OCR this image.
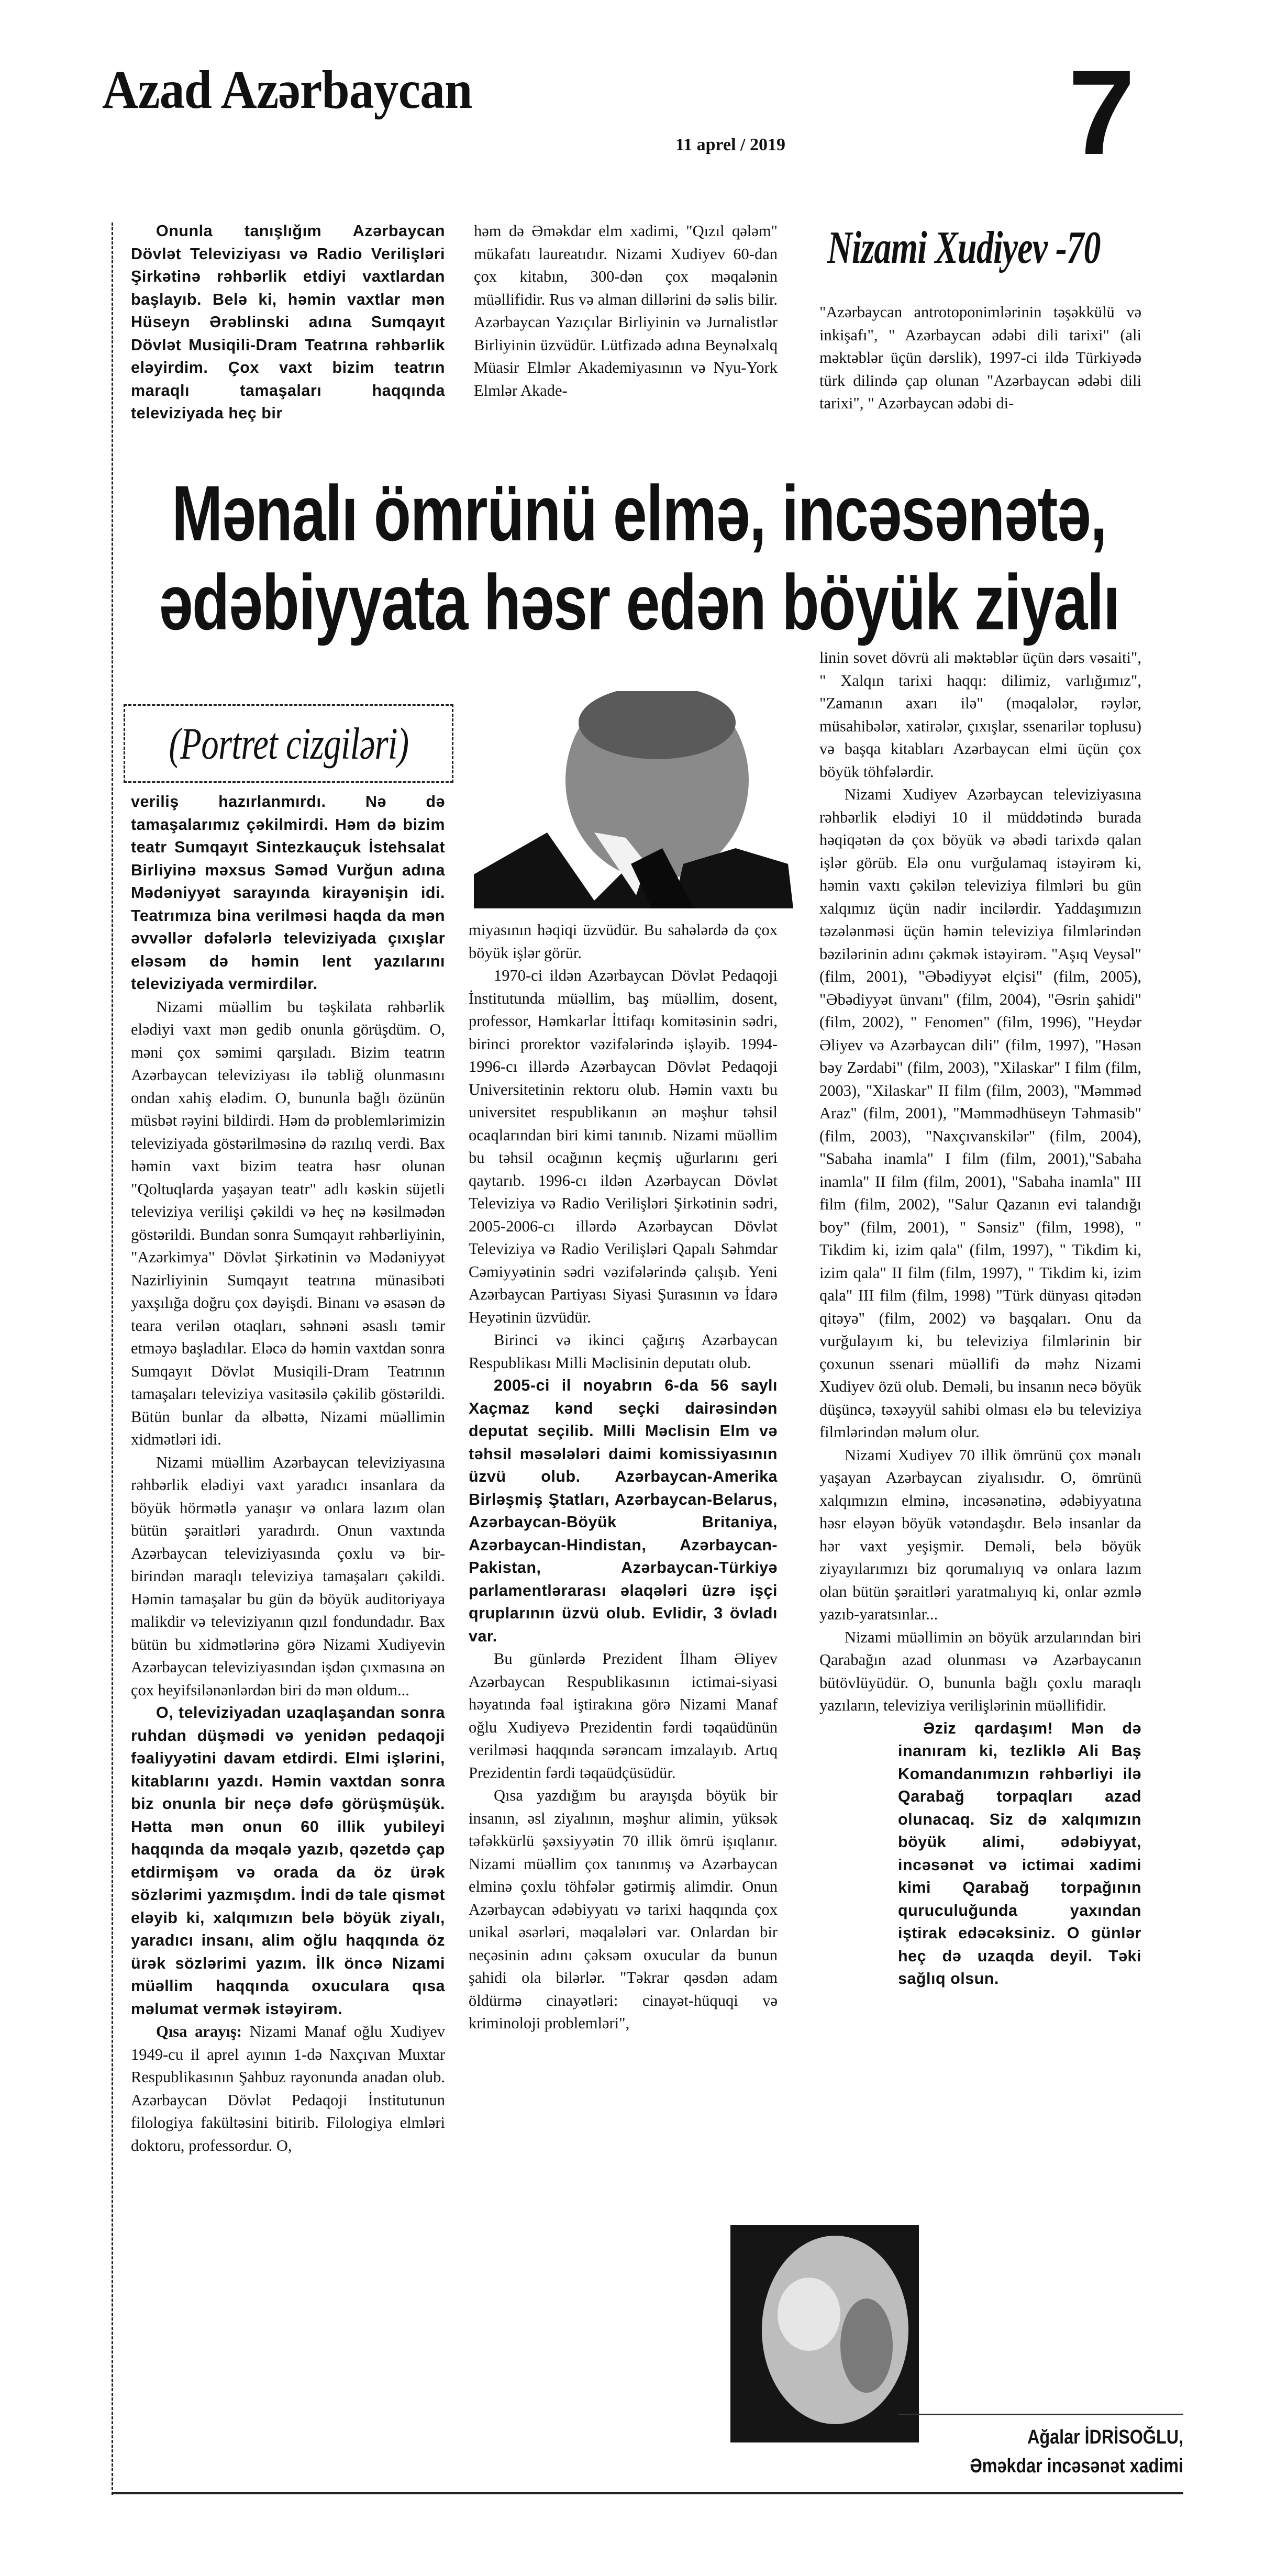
Azad Azərbaycan
11 aprel / 2019 7

Onunla tanışlığım Azərbaycan Dövlət Televiziyası və Radio Verilişləri Şirkətinə rəhbərlik etdiyi vaxtlardan başlayıb. Belə ki, həmin vaxtlar mən Hüseyn Ərəblinski adına Sumqayıt Dövlət Musiqili-Dram Teatrına rəhbərlik eləyirdim. Çox vaxt bizim teatrın maraqlı tamaşaları haqqında televiziyada heç bir

həm də Əməkdar elm xadimi, "Qızıl qələm" mükafatı laureatıdır. Nizami Xudiyev 60-dan çox kitabın, 300-dən çox məqalənin müəllifidir. Rus və alman dillərini də səlis bilir. Azərbaycan Yazıçılar Birliyinin və Jurnalistlər Birliyinin üzvüdür. Lütfizadə adına Beynəlxalq Müasir Elmlər Akademiyasının və Nyu-York Elmlər Akade-

Nizami Xudiyev -70

"Azərbaycan antrotoponimlərinin təşəkkülü və inkişafı", " Azərbaycan ədəbi dili tarixi" (ali məktəblər üçün dərslik), 1997-ci ildə Türkiyədə türk dilində çap olunan "Azərbaycan ədəbi dili tarixi", " Azərbaycan ədəbi di-

Mənalı ömrünü elmə, incəsənətə,
ədəbiyyata həsr edən böyük ziyalı
(Portret cizgiləri)

veriliş hazırlanmırdı. Nə də tamaşalarımız çəkilmirdi. Həm də bizim teatr Sumqayıt Sintezkauçuk İstehsalat Birliyinə məxsus Səməd Vurğun adına Mədəniyyət sarayında kirayənişin idi. Teatrımıza bina verilməsi haqda da mən əvvəllər dəfələrlə televiziyada çıxışlar eləsəm də həmin lent yazılarını televiziyada vermirdilər.

Nizami müəllim bu təşkilata rəhbərlik elədiyi vaxt mən gedib onunla görüşdüm. O, məni çox səmimi qarşıladı. Bizim teatrın Azərbaycan televiziyası ilə təbliğ olunmasını ondan xahiş elədim. O, bununla bağlı özünün müsbət rəyini bildirdi. Həm də problemlərimizin televiziyada göstərilməsinə də razılıq verdi. Bax həmin vaxt bizim teatra həsr olunan "Qoltuqlarda yaşayan teatr" adlı kəskin süjetli televiziya verilişi çəkildi və heç nə kəsilmədən göstərildi. Bundan sonra Sumqayıt rəhbərliyinin, "Azərkimya" Dövlət Şirkətinin və Mədəniyyət Nazirliyinin Sumqayıt teatrına münasibəti yaxşılığa doğru çox dəyişdi. Binanı və əsasən də teara verilən otaqları, səhnəni əsaslı təmir etməyə başladılar. Eləcə də həmin vaxtdan sonra Sumqayıt Dövlət Musiqili-Dram Teatrının tamaşaları televiziya vasitəsilə çəkilib göstərildi. Bütün bunlar da əlbəttə, Nizami müəllimin xidmətləri idi.

Nizami müəllim Azərbaycan televiziyasına rəhbərlik elədiyi vaxt yaradıcı insanlara da böyük hörmətlə yanaşır və onlara lazım olan bütün şəraitləri yaradırdı. Onun vaxtında Azərbaycan televiziyasında çoxlu və bir-birindən maraqlı televiziya tamaşaları çəkildi. Həmin tamaşalar bu gün də böyük auditoriyaya malikdir və televiziyanın qızıl fondundadır. Bax bütün bu xidmətlərinə görə Nizami Xudiyevin Azərbaycan televiziyasından işdən çıxmasına ən çox heyifsilənənlərdən biri də mən oldum...

O, televiziyadan uzaqlaşandan sonra ruhdan düşmədi və yenidən pedaqoji fəaliyyətini davam etdirdi. Elmi işlərini, kitablarını yazdı. Həmin vaxtdan sonra biz onunla bir neçə dəfə görüşmüşük. Hətta mən onun 60 illik yubileyi haqqında da məqalə yazıb, qəzetdə çap etdirmişəm və orada da öz ürək sözlərimi yazmışdım. İndi də tale qismət eləyib ki, xalqımızın belə böyük ziyalı, yaradıcı insanı, alim oğlu haqqında öz ürək sözlərimi yazım. İlk öncə Nizami müəllim haqqında oxuculara qısa məlumat vermək istəyirəm.

Qısa arayış: Nizami Manaf oğlu Xudiyev 1949-cu il aprel ayının 1-də Naxçıvan Muxtar Respublikasının Şahbuz rayonunda anadan olub. Azərbaycan Dövlət Pedaqoji İnstitutunun filologiya fakültəsini bitirib. Filologiya elmləri doktoru, professordur. O,

miyasının həqiqi üzvüdür. Bu sahələrdə də çox böyük işlər görür.

1970-ci ildən Azərbaycan Dövlət Pedaqoji İnstitutunda müəllim, baş müəllim, dosent, professor, Həmkarlar İttifaqı komitəsinin sədri, birinci prorektor vəzifələrində işləyib. 1994-1996-cı illərdə Azərbaycan Dövlət Pedaqoji Universitetinin rektoru olub. Həmin vaxtı bu universitet respublikanın ən məşhur təhsil ocaqlarından biri kimi tanınıb. Nizami müəllim bu təhsil ocağının keçmiş uğurlarını geri qaytarıb. 1996-cı ildən Azərbaycan Dövlət Televiziya və Radio Verilişləri Şirkətinin sədri, 2005-2006-cı illərdə Azərbaycan Dövlət Televiziya və Radio Verilişləri Qapalı Səhmdar Cəmiyyətinin sədri vəzifələrində çalışıb. Yeni Azərbaycan Partiyası Siyasi Şurasının və İdarə Heyətinin üzvüdür.

Birinci və ikinci çağırış Azərbaycan Respublikası Milli Məclisinin deputatı olub.

2005-ci il noyabrın 6-da 56 saylı Xaçmaz kənd seçki dairəsindən deputat seçilib. Milli Məclisin Elm və təhsil məsələləri daimi komissiyasının üzvü olub. Azərbaycan-Amerika Birləşmiş Ştatları, Azərbaycan-Belarus, Azərbaycan-Böyük Britaniya, Azərbaycan-Hindistan, Azərbaycan-Pakistan, Azərbaycan-Türkiyə parlamentlərarası əlaqələri üzrə işçi qruplarının üzvü olub. Evlidir, 3 övladı var.

Bu günlərdə Prezident İlham Əliyev Azərbaycan Respublikasının ictimai-siyasi həyatında fəal iştirakına görə Nizami Manaf oğlu Xudiyevə Prezidentin fərdi təqaüdünün verilməsi haqqında sərəncam imzalayıb. Artıq Prezidentin fərdi təqaüdçüsüdür.

Qısa yazdığım bu arayışda böyük bir insanın, əsl ziyalının, məşhur alimin, yüksək təfəkkürlü şəxsiyyətin 70 illik ömrü işıqlanır. Nizami müəllim çox tanınmış və Azərbaycan elminə çoxlu töhfələr gətirmiş alimdir. Onun Azərbaycan ədəbiyyatı və tarixi haqqında çox unikal əsərləri, məqalələri var. Onlardan bir neçəsinin adını çəksəm oxucular da bunun şahidi ola bilərlər. "Təkrar qəsdən adam öldürmə cinayətləri: cinayət-hüquqi və kriminoloji problemləri",

linin sovet dövrü ali məktəblər üçün dərs vəsaiti", " Xalqın tarixi haqqı: dilimiz, varlığımız", "Zamanın axarı ilə" (məqalələr, rəylər, müsahibələr, xatirələr, çıxışlar, ssenarilər toplusu) və başqa kitabları Azərbaycan elmi üçün çox böyük töhfələrdir.

Nizami Xudiyev Azərbaycan televiziyasına rəhbərlik elədiyi 10 il müddətində burada həqiqətən də çox böyük və əbədi tarixdə qalan işlər görüb. Elə onu vurğulamaq istəyirəm ki, həmin vaxtı çəkilən televiziya filmləri bu gün xalqımız üçün nadir incilərdir. Yaddaşımızın təzələnməsi üçün həmin televiziya filmlərindən bəzilərinin adını çəkmək istəyirəm. "Aşıq Veysəl" (film, 2001), "Əbədiyyət elçisi" (film, 2005), "Əbədiyyət ünvanı" (film, 2004), "Əsrin şahidi" (film, 2002), " Fenomen" (film, 1996), "Heydər Əliyev və Azərbaycan dili" (film, 1997), "Həsən bəy Zərdabi" (film, 2003), "Xilaskar" I film (film, 2003), "Xilaskar" II film (film, 2003), "Məmməd Araz" (film, 2001), "Məmmədhüseyn Təhmasib" (film, 2003), "Naxçıvanskilər" (film, 2004), "Sabaha inamla" I film (film, 2001),"Sabaha inamla" II film (film, 2001), "Sabaha inamla" III film (film, 2002), "Salur Qazanın evi talandığı boy" (film, 2001), " Sənsiz" (film, 1998), " Tikdim ki, izim qala" (film, 1997), " Tikdim ki, izim qala" II film (film, 1997), " Tikdim ki, izim qala" III film (film, 1998) "Türk dünyası qitədən qitəyə" (film, 2002) və başqaları. Onu da vurğulayım ki, bu televiziya filmlərinin bir çoxunun ssenari müəllifi də məhz Nizami Xudiyev özü olub. Deməli, bu insanın necə böyük düşüncə, təxəyyül sahibi olması elə bu televiziya filmlərindən məlum olur.

Nizami Xudiyev 70 illik ömrünü çox mənalı yaşayan Azərbaycan ziyalısıdır. O, ömrünü xalqımızın elminə, incəsənətinə, ədəbiyyatına həsr eləyən böyük vətəndaşdır. Belə insanlar da hər vaxt yeşişmir. Deməli, belə böyük ziyayılarımızı biz qorumalıyıq və onlara lazım olan bütün şəraitləri yaratmalıyıq ki, onlar əzmlə yazıb-yaratsınlar...

Nizami müəllimin ən böyük arzularından biri Qarabağın azad olunması və Azərbaycanın bütövlüyüdür. O, bununla bağlı çoxlu maraqlı yazıların, televiziya verilişlərinin müəllifidir.

Əziz qardaşım! Mən də inanıram ki, tezliklə Ali Baş Komandanımızın rəhbərliyi ilə Qarabağ torpaqları azad olunacaq. Siz də xalqımızın böyük alimi, ədəbiyyat, incəsənət və ictimai xadimi kimi Qarabağ torpağının quruculuğunda yaxından iştirak edəcəksiniz. O günlər heç də uzaqda deyil. Təki sağlıq olsun.

Ağalar İDRİSOĞLU,
Əməkdar incəsənət xadimi
